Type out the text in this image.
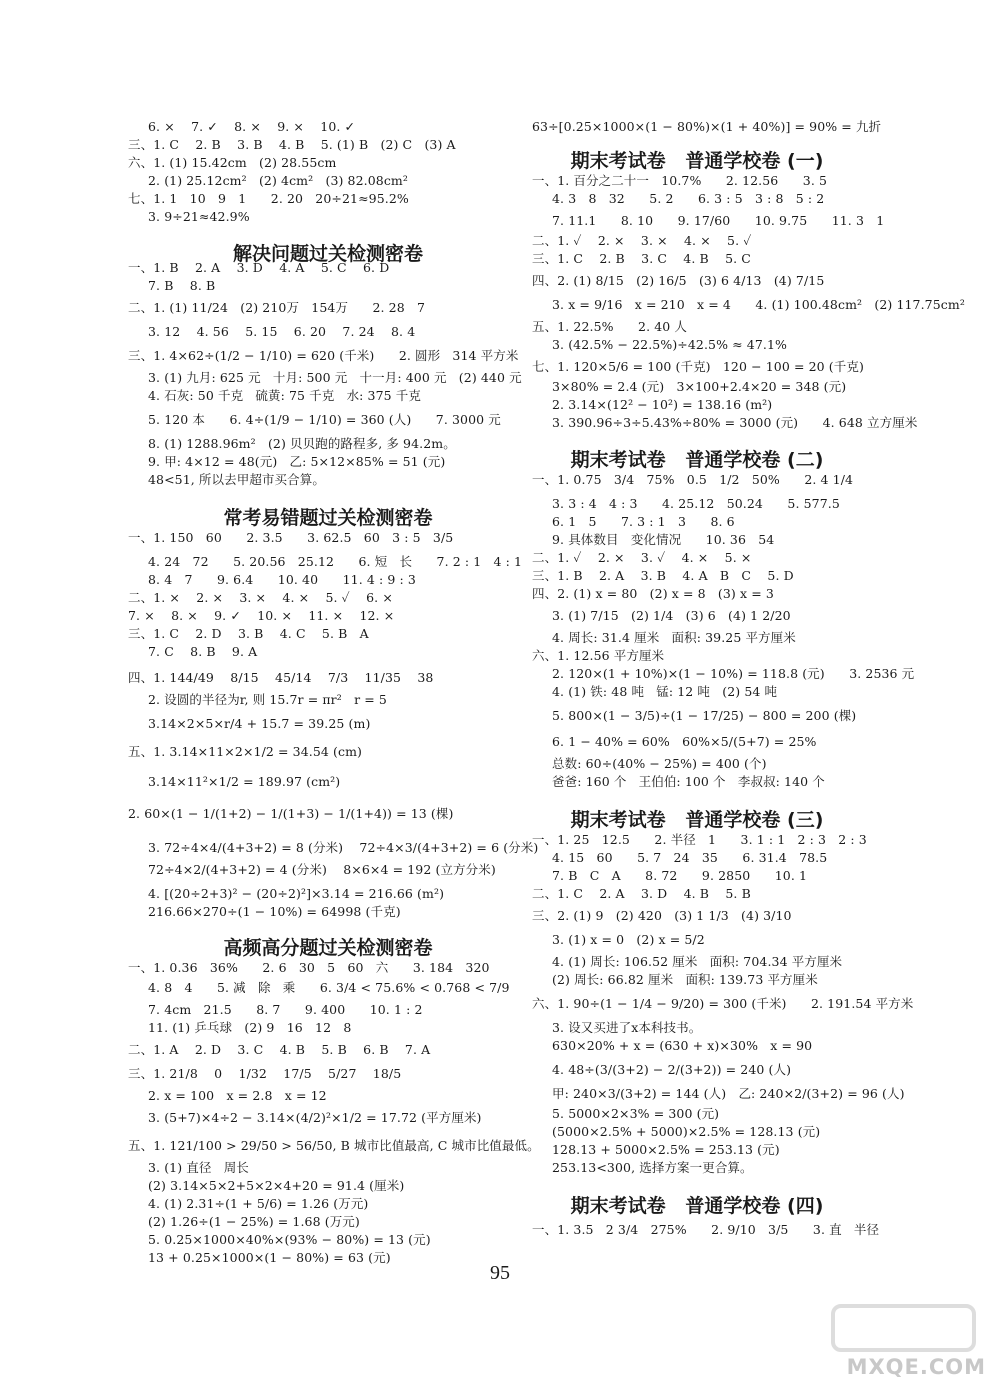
6. ×    7. ✓    8. ×    9. ×    10. ✓
三、1. C    2. B    3. B    4. B    5. (1) B   (2) C   (3) A
六、1. (1) 15.42cm   (2) 28.55cm
2. (1) 25.12cm²   (2) 4cm²   (3) 82.08cm²
七、1. 1   10   9   1      2. 20   20÷21≈95.2%
3. 9÷21≈42.9%
解决问题过关检测密卷
一、1. B    2. A    3. D    4. A    5. C    6. D
7. B    8. B
二、1. (1) 11/24   (2) 210万   154万      2. 28   7
3. 12    4. 56    5. 15    6. 20    7. 24    8. 4
三、1. 4×62÷(1/2 − 1/10) = 620 (千米)      2. 圆形   314 平方米
3. (1) 九月: 625 元   十月: 500 元   十一月: 400 元   (2) 440 元
4. 石灰: 50 千克   硫黄: 75 千克   水: 375 千克
5. 120 本      6. 4÷(1/9 − 1/10) = 360 (人)      7. 3000 元
8. (1) 1288.96m²   (2) 贝贝跑的路程多, 多 94.2m。
9. 甲: 4×12 = 48(元)   乙: 5×12×85% = 51 (元)
48<51, 所以去甲超市买合算。
常考易错题过关检测密卷
一、1. 150   60      2. 3.5      3. 62.5   60   3 : 5   3/5
4. 24   72      5. 20.56   25.12      6. 短   长      7. 2 : 1   4 : 1
8. 4   7      9. 6.4      10. 40      11. 4 : 9 : 3
二、1. ×    2. ×    3. ×    4. ×    5. ✓    6. ×
7. ×    8. ×    9. ✓    10. ×    11. ×    12. ×
三、1. C    2. D    3. B    4. C    5. B   A
7. C    8. B    9. A
四、1. 144/49    8/15    45/14    7/3    11/35    38
2. 设圆的半径为r, 则 15.7r = πr²   r = 5
3.14×2×5×r/4 + 15.7 = 39.25 (m)
五、1. 3.14×11×2×1/2 = 34.54 (cm)
3.14×11²×1/2 = 189.97 (cm²)
2. 60×(1 − 1/(1+2) − 1/(1+3) − 1/(1+4)) = 13 (棵)
3. 72÷4×4/(4+3+2) = 8 (分米)    72÷4×3/(4+3+2) = 6 (分米)
72÷4×2/(4+3+2) = 4 (分米)    8×6×4 = 192 (立方分米)
4. [(20÷2+3)² − (20÷2)²]×3.14 = 216.66 (m²)
216.66×270÷(1 − 10%) = 64998 (千克)
高频高分题过关检测密卷
一、1. 0.36   36%      2. 6   30   5   60   六      3. 184   320
4. 8   4      5. 减   除   乘      6. 3/4 < 75.6% < 0.768 < 7/9
7. 4cm   21.5      8. 7      9. 400      10. 1 : 2
11. (1) 乒乓球   (2) 9   16   12   8
二、1. A    2. D    3. C    4. B    5. B    6. B    7. A
三、1. 21/8    0    1/32    17/5    5/27    18/5
2. x = 100   x = 2.8   x = 12
3. (5+7)×4÷2 − 3.14×(4/2)²×1/2 = 17.72 (平方厘米)
五、1. 121/100 > 29/50 > 56/50, B 城市比值最高, C 城市比值最低。
3. (1) 直径   周长
(2) 3.14×5×2+5×2×4+20 = 91.4 (厘米)
4. (1) 2.31÷(1 + 5/6) = 1.26 (万元)
(2) 1.26÷(1 − 25%) = 1.68 (万元)
5. 0.25×1000×40%×(93% − 80%) = 13 (元)
13 + 0.25×1000×(1 − 80%) = 63 (元)
63÷[0.25×1000×(1 − 80%)×(1 + 40%)] = 90% = 九折
期末考试卷   普通学校卷 (一)
一、1. 百分之二十一   10.7%      2. 12.56      3. 5
4. 3   8   32      5. 2      6. 3 : 5   3 : 8   5 : 2
7. 11.1      8. 10      9. 17/60      10. 9.75      11. 3   1
二、1. ✓    2. ×    3. ×    4. ×    5. ✓
三、1. C    2. B    3. C    4. B    5. C
四、2. (1) 8/15   (2) 16/5   (3) 6 4/13   (4) 7/15
3. x = 9/16   x = 210   x = 4      4. (1) 100.48cm²   (2) 117.75cm²
五、1. 22.5%      2. 40 人
3. (42.5% − 22.5%)÷42.5% ≈ 47.1%
七、1. 120×5/6 = 100 (千克)   120 − 100 = 20 (千克)
3×80% = 2.4 (元)   3×100+2.4×20 = 348 (元)
2. 3.14×(12² − 10²) = 138.16 (m²)
3. 390.96÷3÷5.43%÷80% = 3000 (元)      4. 648 立方厘米
期末考试卷   普通学校卷 (二)
一、1. 0.75   3/4   75%   0.5   1/2   50%      2. 4 1/4
3. 3 : 4   4 : 3      4. 25.12   50.24      5. 577.5
6. 1   5      7. 3 : 1   3      8. 6
9. 具体数目   变化情况      10. 36   54
二、1. ✓    2. ×    3. ✓    4. ×    5. ×
三、1. B    2. A    3. B    4. A   B   C    5. D
四、2. (1) x = 80   (2) x = 8   (3) x = 3
3. (1) 7/15   (2) 1/4   (3) 6   (4) 1 2/20
4. 周长: 31.4 厘米   面积: 39.25 平方厘米
六、1. 12.56 平方厘米
2. 120×(1 + 10%)×(1 − 10%) = 118.8 (元)      3. 2536 元
4. (1) 铁: 48 吨   锰: 12 吨   (2) 54 吨
5. 800×(1 − 3/5)÷(1 − 17/25) − 800 = 200 (棵)
6. 1 − 40% = 60%   60%×5/(5+7) = 25%
总数: 60÷(40% − 25%) = 400 (个)
爸爸: 160 个   王伯伯: 100 个   李叔叔: 140 个
期末考试卷   普通学校卷 (三)
一、1. 25   12.5      2. 半径   1      3. 1 : 1   2 : 3   2 : 3
4. 15   60      5. 7   24   35      6. 31.4   78.5
7. B   C   A      8. 72      9. 2850      10. 1
二、1. C    2. A    3. D    4. B    5. B
三、2. (1) 9   (2) 420   (3) 1 1/3   (4) 3/10
3. (1) x = 0   (2) x = 5/2
4. (1) 周长: 106.52 厘米   面积: 704.34 平方厘米
(2) 周长: 66.82 厘米   面积: 139.73 平方厘米
六、1. 90÷(1 − 1/4 − 9/20) = 300 (千米)      2. 191.54 平方米
3. 设又买进了x本科技书。
630×20% + x = (630 + x)×30%   x = 90
4. 48÷(3/(3+2) − 2/(3+2)) = 240 (人)
甲: 240×3/(3+2) = 144 (人)   乙: 240×2/(3+2) = 96 (人)
5. 5000×2×3% = 300 (元)
(5000×2.5% + 5000)×2.5% = 128.13 (元)
128.13 + 5000×2.5% = 253.13 (元)
253.13<300, 选择方案一更合算。
期末考试卷   普通学校卷 (四)
一、1. 3.5   2 3/4   275%      2. 9/10   3/5      3. 直   半径
95
MXQE.COM
